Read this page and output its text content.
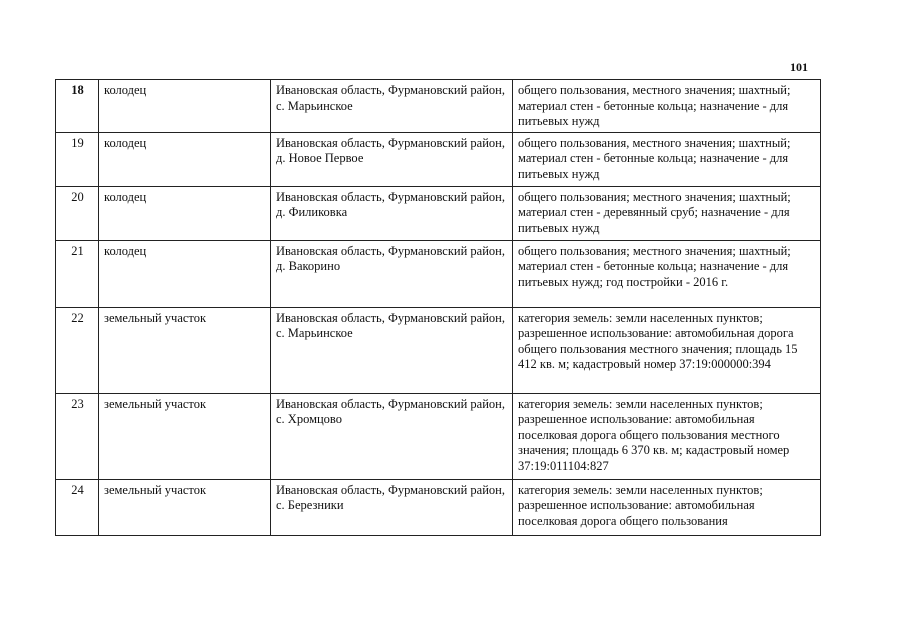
101
18	колодец	Ивановская область, Фурмановский район, с. Марьинское	общего пользования, местного значения; шахтный; материал стен - бетонные кольца; назначение - для питьевых нужд
19	колодец	Ивановская область, Фурмановский район, д. Новое Первое	общего пользования, местного значения; шахтный; материал стен - бетонные кольца; назначение - для питьевых нужд
20	колодец	Ивановская область, Фурмановский район, д. Филиковка	общего пользования; местного значения; шахтный; материал стен - деревянный сруб; назначение - для питьевых нужд
21	колодец	Ивановская область, Фурмановский район, д. Вакорино	общего пользования; местного значения; шахтный; материал стен - бетонные кольца; назначение - для питьевых нужд; год постройки - 2016 г.
22	земельный участок	Ивановская область, Фурмановский район, с. Марьинское	категория земель: земли населенных пунктов; разрешенное использование: автомобильная дорога общего пользования местного значения; площадь 15 412 кв. м; кадастровый номер 37:19:000000:394
23	земельный участок	Ивановская область, Фурмановский район, с. Хромцово	категория земель: земли населенных пунктов; разрешенное использование: автомобильная поселковая дорога общего пользования местного значения; площадь 6 370 кв. м; кадастровый номер 37:19:011104:827
24	земельный участок	Ивановская область, Фурмановский район, с. Березники	категория земель: земли населенных пунктов; разрешенное использование: автомобильная поселковая дорога общего пользования
